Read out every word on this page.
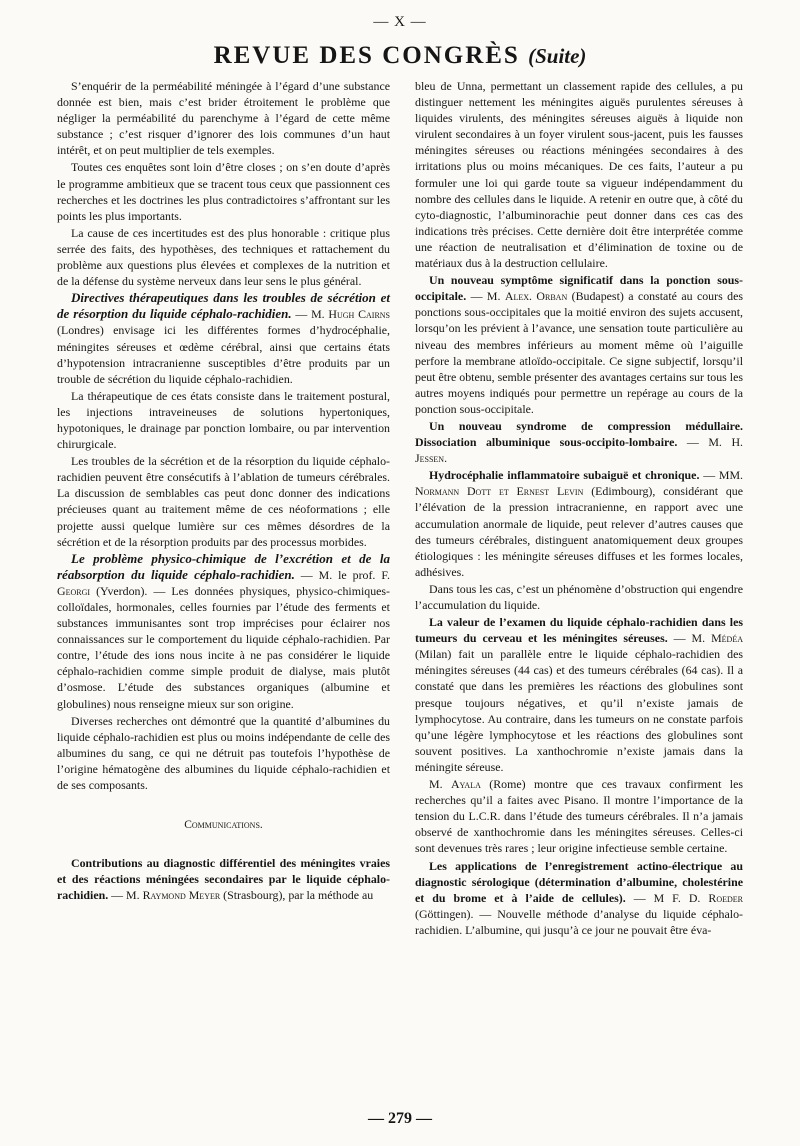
— X —
REVUE DES CONGRÈS (Suite)

S’enquérir de la perméabilité méningée à l’égard d’une substance donnée est bien, mais c’est brider étroitement le problème que négliger la perméabilité du parenchyme à l’égard de cette même substance ; c’est risquer d’ignorer des lois communes d’un haut intérêt, et on peut multiplier de tels exemples.

Toutes ces enquêtes sont loin d’être closes ; on s’en doute d’après le programme ambitieux que se tracent tous ceux que passionnent ces recherches et les doctrines les plus contradictoires s’affrontant sur les points les plus importants.

La cause de ces incertitudes est des plus honorable : critique plus serrée des faits, des hypothèses, des techniques et rattachement du problème aux questions plus élevées et complexes de la nutrition et de la défense du système nerveux dans leur sens le plus général.

Directives thérapeutiques dans les troubles de sécrétion et de résorption du liquide céphalo-rachidien. — M. Hugh Cairns (Londres) envisage ici les différentes formes d’hydrocéphalie, méningites séreuses et œdème cérébral, ainsi que certains états d’hypotension intracranienne susceptibles d’être produits par un trouble de sécrétion du liquide céphalo-rachidien.

La thérapeutique de ces états consiste dans le traitement postural, les injections intraveineuses de solutions hypertoniques, hypotoniques, le drainage par ponction lombaire, ou par intervention chirurgicale.

Les troubles de la sécrétion et de la résorption du liquide céphalo-rachidien peuvent être consécutifs à l’ablation de tumeurs cérébrales. La discussion de semblables cas peut donc donner des indications précieuses quant au traitement même de ces néoformations ; elle projette aussi quelque lumière sur ces mêmes désordres de la sécrétion et de la résorption produits par des processus morbides.

Le problème physico-chimique de l’excrétion et de la réabsorption du liquide céphalo-rachidien. — M. le prof. F. Georgi (Yverdon). — Les données physiques, physico-chimiques-colloïdales, hormonales, celles fournies par l’étude des ferments et substances immunisantes sont trop imprécises pour éclairer nos connaissances sur le comportement du liquide céphalo-rachidien. Par contre, l’étude des ions nous incite à ne pas considérer le liquide céphalo-rachidien comme simple produit de dialyse, mais plutôt d’osmose. L’étude des substances organiques (albumine et globulines) nous renseigne mieux sur son origine.

Diverses recherches ont démontré que la quantité d’albumines du liquide céphalo-rachidien est plus ou moins indépendante de celle des albumines du sang, ce qui ne détruit pas toutefois l’hypothèse de l’origine hématogène des albumines du liquide céphalo-rachidien et de ses composants.

Communications.

Contributions au diagnostic différentiel des méningites vraies et des réactions méningées secondaires par le liquide céphalo-rachidien. — M. Raymond Meyer (Strasbourg), par la méthode au

bleu de Unna, permettant un classement rapide des cellules, a pu distinguer nettement les méningites aiguës purulentes séreuses à liquides virulents, des méningites séreuses aiguës à liquide non virulent secondaires à un foyer virulent sous-jacent, puis les fausses méningites séreuses ou réactions méningées secondaires à des irritations plus ou moins mécaniques. De ces faits, l’auteur a pu formuler une loi qui garde toute sa vigueur indépendamment du nombre des cellules dans le liquide. A retenir en outre que, à côté du cyto-diagnostic, l’albuminorachie peut donner dans ces cas des indications très précises. Cette dernière doit être interprétée comme une réaction de neutralisation et d’élimination de toxine ou de matériaux dus à la destruction cellulaire.

Un nouveau symptôme significatif dans la ponction sous-occipitale. — M. Alex. Orban (Budapest) a constaté au cours des ponctions sous-occipitales que la moitié environ des sujets accusent, lorsqu’on les prévient à l’avance, une sensation toute particulière au niveau des membres inférieurs au moment même où l’aiguille perfore la membrane atloïdo-occipitale. Ce signe subjectif, lorsqu’il peut être obtenu, semble présenter des avantages certains sur tous les autres moyens indiqués pour permettre un repérage au cours de la ponction sous-occipitale.

Un nouveau syndrome de compression médullaire. Dissociation albuminique sous-occipito-lombaire. — M. H. Jessen.

Hydrocéphalie inflammatoire subaiguë et chronique. — MM. Normann Dott et Ernest Levin (Edimbourg), considérant que l’élévation de la pression intracranienne, en rapport avec une accumulation anormale de liquide, peut relever d’autres causes que des tumeurs cérébrales, distinguent anatomiquement deux groupes étiologiques : les méningite séreuses diffuses et les formes locales, adhésives.

Dans tous les cas, c’est un phénomène d’obstruction qui engendre l’accumulation du liquide.

La valeur de l’examen du liquide céphalo-rachidien dans les tumeurs du cerveau et les méningites séreuses. — M. Médéa (Milan) fait un parallèle entre le liquide céphalo-rachidien des méningites séreuses (44 cas) et des tumeurs cérébrales (64 cas). Il a constaté que dans les premières les réactions des globulines sont presque toujours négatives, et qu’il n’existe jamais de lymphocytose. Au contraire, dans les tumeurs on ne constate parfois qu’une légère lymphocytose et les réactions des globulines sont souvent positives. La xanthochromie n’existe jamais dans la méningite séreuse.

M. Ayala (Rome) montre que ces travaux confirment les recherches qu’il a faites avec Pisano. Il montre l’importance de la tension du L.C.R. dans l’étude des tumeurs cérébrales. Il n’a jamais observé de xanthochromie dans les méningites séreuses. Celles-ci sont devenues très rares ; leur origine infectieuse semble certaine.

Les applications de l’enregistrement actino-électrique au diagnostic sérologique (détermination d’albumine, cholestérine et du brome et à l’aide de cellules). — M F. D. Roeder (Göttingen). — Nouvelle méthode d’analyse du liquide céphalo-rachidien. L’albumine, qui jusqu’à ce jour ne pouvait être éva-

— 279 —
